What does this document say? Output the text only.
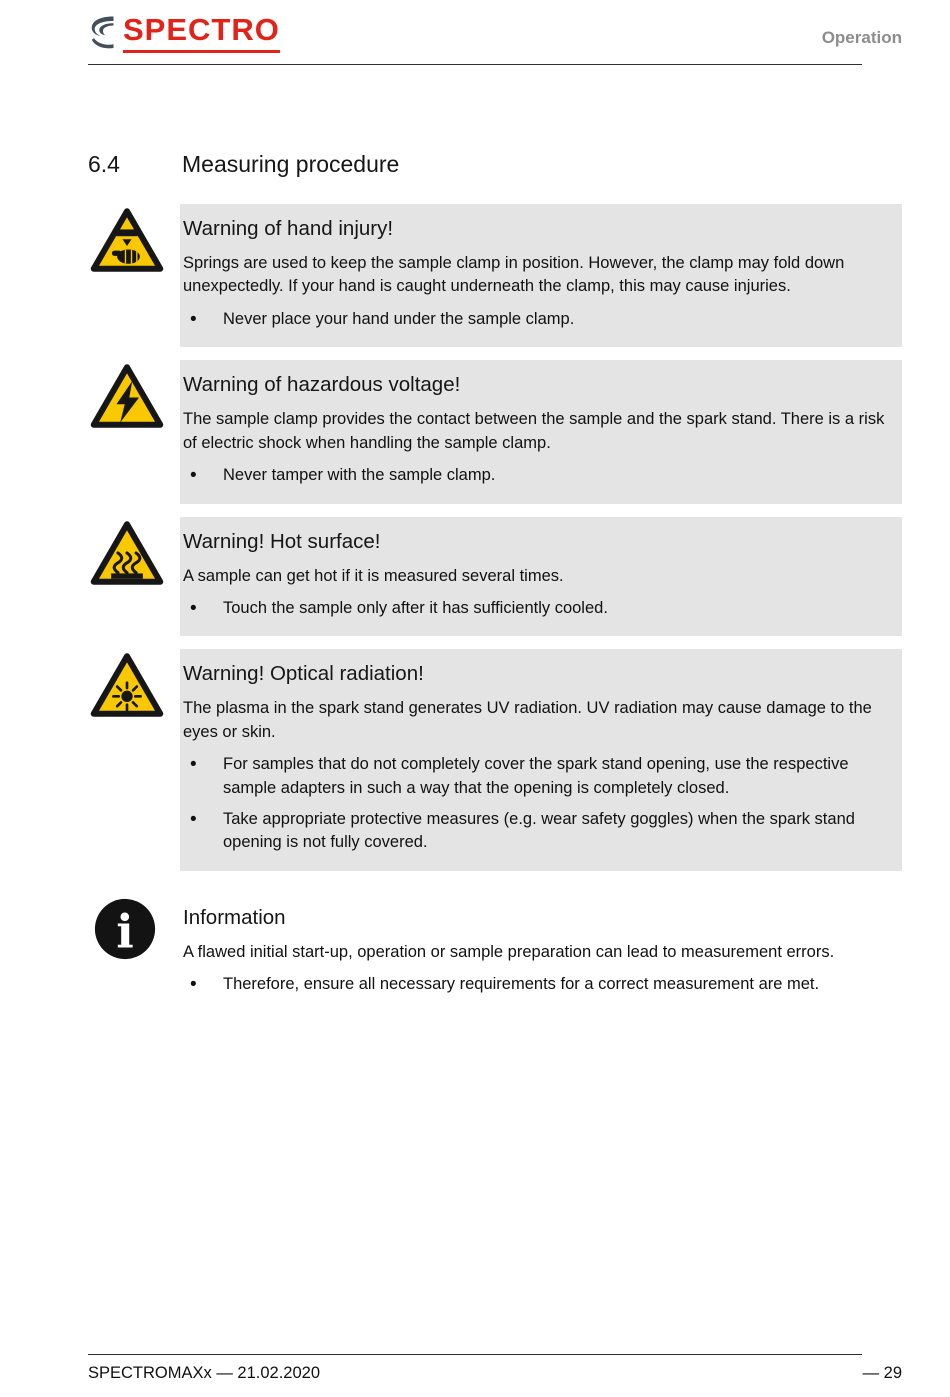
SPECTRO	Operation
6.4	Measuring procedure
Warning of hand injury!

Springs are used to keep the sample clamp in position. However, the clamp may fold down unexpectedly. If your hand is caught underneath the clamp, this may cause injuries.

• Never place your hand under the sample clamp.
Warning of hazardous voltage!

The sample clamp provides the contact between the sample and the spark stand. There is a risk of electric shock when handling the sample clamp.

• Never tamper with the sample clamp.
Warning! Hot surface!

A sample can get hot if it is measured several times.

• Touch the sample only after it has sufficiently cooled.
Warning! Optical radiation!

The plasma in the spark stand generates UV radiation. UV radiation may cause damage to the eyes or skin.

• For samples that do not completely cover the spark stand opening, use the respective sample adapters in such a way that the opening is completely closed.
• Take appropriate protective measures (e.g. wear safety goggles) when the spark stand opening is not fully covered.
i Information

A flawed initial start-up, operation or sample preparation can lead to measurement errors.

• Therefore, ensure all necessary requirements for a correct measurement are met.
SPECTROMAXx — 21.02.2020	— 29
